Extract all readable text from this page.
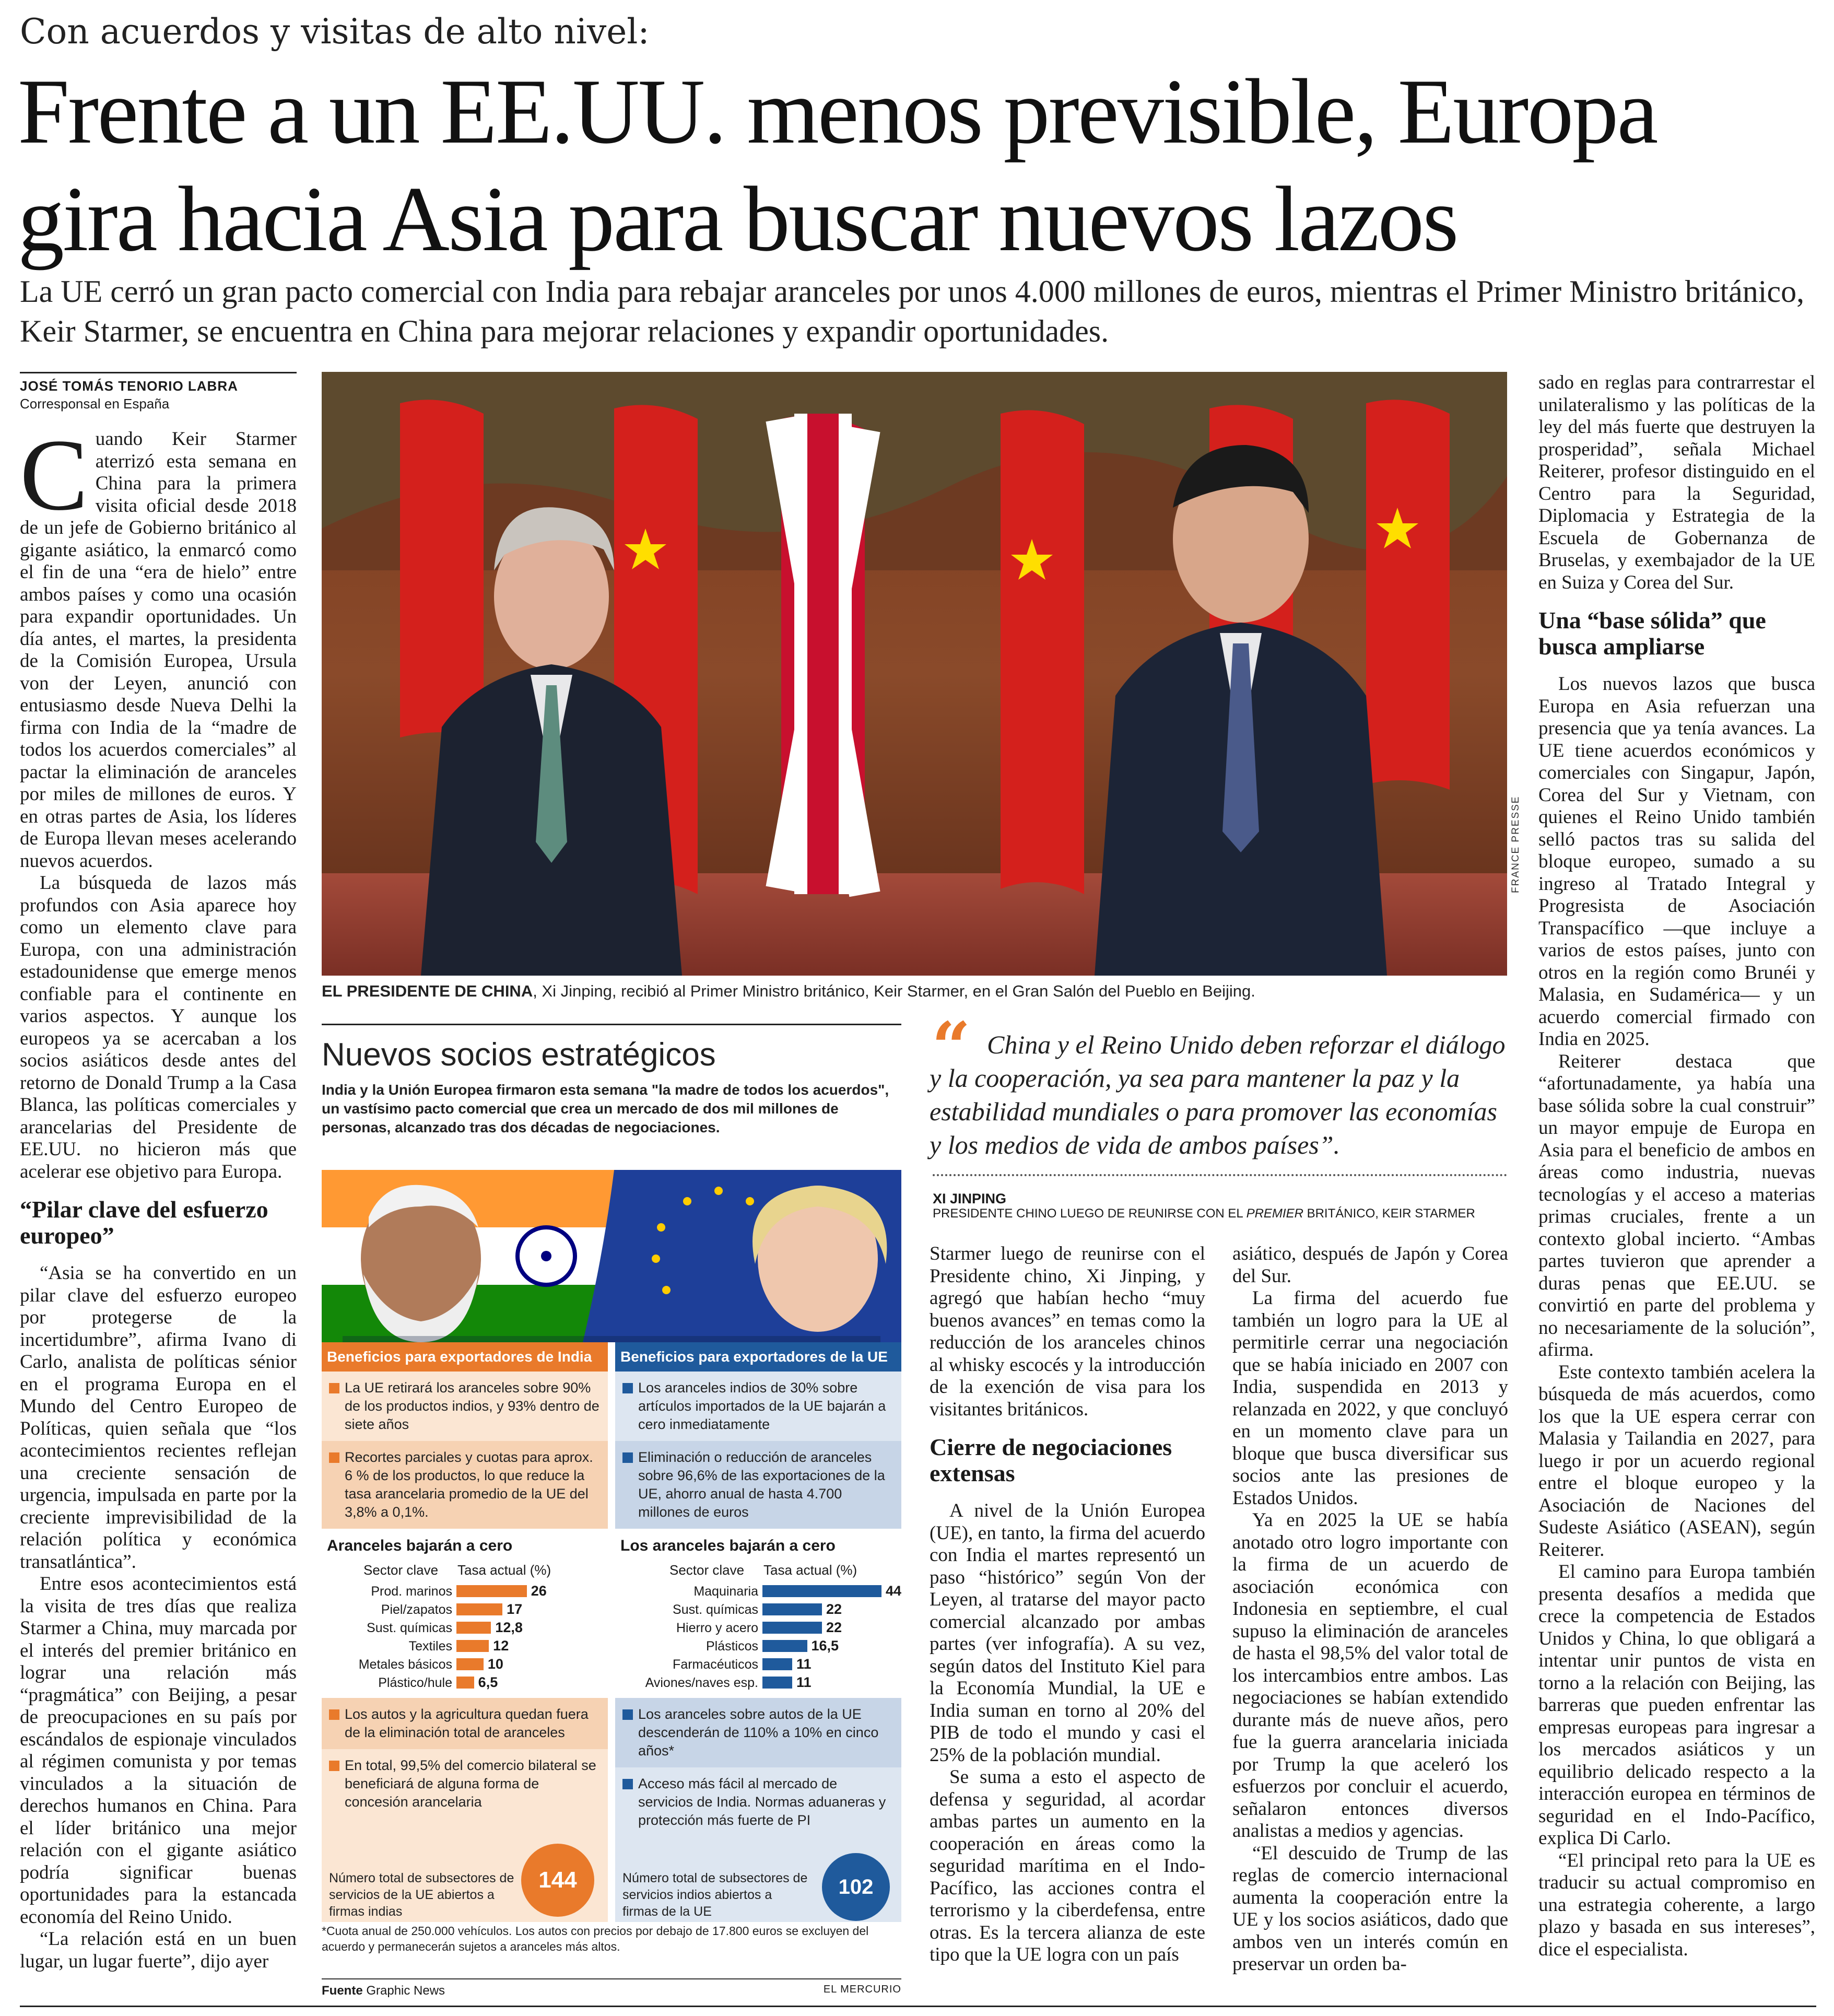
Con acuerdos y visitas de alto nivel:
Frente a un EE.UU. menos previsible, Europa gira hacia Asia para buscar nuevos lazos
La UE cerró un gran pacto comercial con India para rebajar aranceles por unos 4.000 millones de euros, mientras el Primer Ministro británico, Keir Starmer, se encuentra en China para mejorar relaciones y expandir oportunidades.
JOSÉ TOMÁS TENORIO LABRA
Corresponsal en España

Cuando Keir Starmer aterrizó esta semana en China para la primera visita oficial desde 2018 de un jefe de Gobierno británico al gigante asiático, la enmarcó como el fin de una “era de hielo” entre ambos países y como una ocasión para expandir oportunidades. Un día antes, el martes, la presidenta de la Comisión Europea, Ursula von der Leyen, anunció con entusiasmo desde Nueva Delhi la firma con India de la “madre de todos los acuerdos comerciales” al pactar la eliminación de aranceles por miles de millones de euros. Y en otras partes de Asia, los líderes de Europa llevan meses acelerando nuevos acuerdos.

La búsqueda de lazos más profundos con Asia aparece hoy como un elemento clave para Europa, con una administración estadounidense que emerge menos confiable para el continente en varios aspectos. Y aunque los europeos ya se acercaban a los socios asiáticos desde antes del retorno de Donald Trump a la Casa Blanca, las políticas comerciales y arancelarias del Presidente de EE.UU. no hicieron más que acelerar ese objetivo para Europa.

“Pilar clave del esfuerzo europeo”

“Asia se ha convertido en un pilar clave del esfuerzo europeo por protegerse de la incertidumbre”, afirma Ivano di Carlo, analista de políticas sénior en el programa Europa en el Mundo del Centro Europeo de Políticas, quien señala que “los acontecimientos recientes reflejan una creciente sensación de urgencia, impulsada en parte por la creciente imprevisibilidad de la relación política y económica transatlántica”.

Entre esos acontecimientos está la visita de tres días que realiza Starmer a China, muy marcada por el interés del premier británico en lograr una relación más “pragmática” con Beijing, a pesar de preocupaciones en su país por escándalos de espionaje vinculados al régimen comunista y por temas vinculados a la situación de derechos humanos en China. Para el líder británico una mejor relación con el gigante asiático podría significar buenas oportunidades para la estancada economía del Reino Unido.

“La relación está en un buen lugar, un lugar fuerte”, dijo ayer

FRANCE PRESSE
EL PRESIDENTE DE CHINA, Xi Jinping, recibió al Primer Ministro británico, Keir Starmer, en el Gran Salón del Pueblo en Beijing.
Nuevos socios estratégicos
India y la Unión Europea firmaron esta semana "la madre de todos los acuerdos", un vastísimo pacto comercial que crea un mercado de dos mil millones de personas, alcanzado tras dos décadas de negociaciones.
Beneficios para exportadores de India
La UE retirará los aranceles sobre 90% de los productos indios, y 93% dentro de siete años
Recortes parciales y cuotas para aprox. 6 % de los productos, lo que reduce la tasa arancelaria promedio de la UE del 3,8% a 0,1%.
Aranceles bajarán a cero
Sector clave Tasa actual (%)
Prod. marinos	26
Piel/zapatos	17
Sust. químicas	12,8
Textiles	12
Metales básicos	10
Plástico/hule 6,5
Los autos y la agricultura quedan fuera de la eliminación total de aranceles
En total, 99,5% del comercio bilateral se beneficiará de alguna forma de concesión arancelaria
Número total de subsectores de servicios de la UE abiertos a firmas indias
144
Beneficios para exportadores de la UE
Los aranceles indios de 30% sobre artículos importados de la UE bajarán a cero inmediatamente
Eliminación o reducción de aranceles sobre 96,6% de las exportaciones de la UE, ahorro anual de hasta 4.700 millones de euros
Los aranceles bajarán a cero
Sector clave Tasa actual (%)
Maquinaria	44
Sust. químicas	22
Hierro y acero	22
Plásticos	16,5
Farmacéuticos	11
Aviones/naves esp.	11
Los aranceles sobre autos de la UE descenderán de 110% a 10% en cinco años*
Acceso más fácil al mercado de servicios de India. Normas aduaneras y protección más fuerte de PI
Número total de subsectores de servicios indios abiertos a firmas de la UE
102
*Cuota anual de 250.000 vehículos. Los autos con precios por debajo de 17.800 euros se excluyen del acuerdo y permanecerán sujetos a aranceles más altos.
Fuente Graphic News	EL MERCURIO
“ China y el Reino Unido deben reforzar el diálogo y la cooperación, ya sea para mantener la paz y la estabilidad mundiales o para promover las economías y los medios de vida de ambos países”.
XI JINPING
PRESIDENTE CHINO LUEGO DE REUNIRSE CON EL PREMIER BRITÁNICO, KEIR STARMER

Starmer luego de reunirse con el Presidente chino, Xi Jinping, y agregó que habían hecho “muy buenos avances” en temas como la reducción de los aranceles chinos al whisky escocés y la introducción de la exención de visa para los visitantes británicos.

Cierre de negociaciones extensas

A nivel de la Unión Europea (UE), en tanto, la firma del acuerdo con India el martes representó un paso “histórico” según Von der Leyen, al tratarse del mayor pacto comercial alcanzado por ambas partes (ver infografía). A su vez, según datos del Instituto Kiel para la Economía Mundial, la UE e India suman en torno al 20% del PIB de todo el mundo y casi el 25% de la población mundial.

Se suma a esto el aspecto de defensa y seguridad, al acordar ambas partes un aumento en la cooperación en áreas como la seguridad marítima en el Indo-Pacífico, las acciones contra el terrorismo y la ciberdefensa, entre otras. Es la tercera alianza de este tipo que la UE logra con un país

asiático, después de Japón y Corea del Sur.

La firma del acuerdo fue también un logro para la UE al permitirle cerrar una negociación que se había iniciado en 2007 con India, suspendida en 2013 y relanzada en 2022, y que concluyó en un momento clave para un bloque que busca diversificar sus socios ante las presiones de Estados Unidos.

Ya en 2025 la UE se había anotado otro logro importante con la firma de un acuerdo de asociación económica con Indonesia en septiembre, el cual supuso la eliminación de aranceles de hasta el 98,5% del valor total de los intercambios entre ambos. Las negociaciones se habían extendido durante más de nueve años, pero fue la guerra arancelaria iniciada por Trump la que aceleró los esfuerzos por concluir el acuerdo, señalaron entonces diversos analistas a medios y agencias.

“El descuido de Trump de las reglas de comercio internacional aumenta la cooperación entre la UE y los socios asiáticos, dado que ambos ven un interés común en preservar un orden ba-

sado en reglas para contrarrestar el unilateralismo y las políticas de la ley del más fuerte que destruyen la prosperidad”, señala Michael Reiterer, profesor distinguido en el Centro para la Seguridad, Diplomacia y Estrategia de la Escuela de Gobernanza de Bruselas, y exembajador de la UE en Suiza y Corea del Sur.

Una “base sólida” que busca ampliarse

Los nuevos lazos que busca Europa en Asia refuerzan una presencia que ya tenía avances. La UE tiene acuerdos económicos y comerciales con Singapur, Japón, Corea del Sur y Vietnam, con quienes el Reino Unido también selló pactos tras su salida del bloque europeo, sumado a su ingreso al Tratado Integral y Progresista de Asociación Transpacífico —que incluye a varios de estos países, junto con otros en la región como Brunéi y Malasia, en Sudamérica— y un acuerdo comercial firmado con India en 2025.

Reiterer destaca que “afortunadamente, ya había una base sólida sobre la cual construir” un mayor empuje de Europa en Asia para el beneficio de ambos en áreas como industria, nuevas tecnologías y el acceso a materias primas cruciales, frente a un contexto global incierto. “Ambas partes tuvieron que aprender a duras penas que EE.UU. se convirtió en parte del problema y no necesariamente de la solución”, afirma.

Este contexto también acelera la búsqueda de más acuerdos, como los que la UE espera cerrar con Malasia y Tailandia en 2027, para luego ir por un acuerdo regional entre el bloque europeo y la Asociación de Naciones del Sudeste Asiático (ASEAN), según Reiterer.

El camino para Europa también presenta desafíos a medida que crece la competencia de Estados Unidos y China, lo que obligará a intentar unir puntos de vista en torno a la relación con Beijing, las barreras que pueden enfrentar las empresas europeas para ingresar a los mercados asiáticos y un equilibrio delicado respecto a la interacción europea en términos de seguridad en el Indo-Pacífico, explica Di Carlo.

“El principal reto para la UE es traducir su actual compromiso en una estrategia coherente, a largo plazo y basada en sus intereses”, dice el especialista.
